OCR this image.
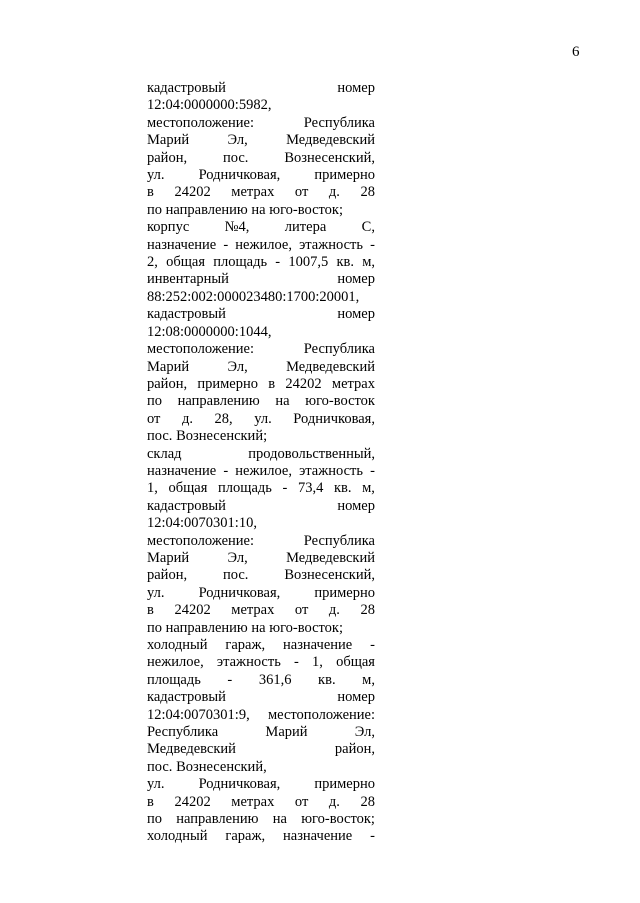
6
кадастровый	номер
12:04:0000000:5982,
местоположение:	Республика
Марий	Эл,	Медведевский
район, пос. Вознесенский,
ул. Родничковая, примерно
в 24202 метрах от д. 28
по направлению на юго-восток;
корпус №4, литера С,
назначение - нежилое, этажность -
2, общая площадь - 1007,5 кв. м,
инвентарный	номер
88:252:002:000023480:1700:20001,
кадастровый	номер
12:08:0000000:1044,
местоположение:	Республика
Марий	Эл,	Медведевский
район, примерно в 24202 метрах
по направлению на юго-восток
от д. 28, ул. Родничковая,
пос. Вознесенский;
склад	продовольственный,
назначение - нежилое, этажность -
1, общая площадь - 73,4 кв. м,
кадастровый	номер
12:04:0070301:10,
местоположение:	Республика
Марий	Эл,	Медведевский
район, пос. Вознесенский,
ул. Родничковая, примерно
в 24202 метрах от д. 28
по направлению на юго-восток;
холодный гараж, назначение -
нежилое, этажность - 1, общая
площадь - 361,6 кв. м,
кадастровый	номер
12:04:0070301:9, местоположение:
Республика	Марий	Эл,
Медведевский	район,
пос. Вознесенский,
ул. Родничковая, примерно
в 24202 метрах от д. 28
по направлению на юго-восток;
холодный гараж, назначение -
